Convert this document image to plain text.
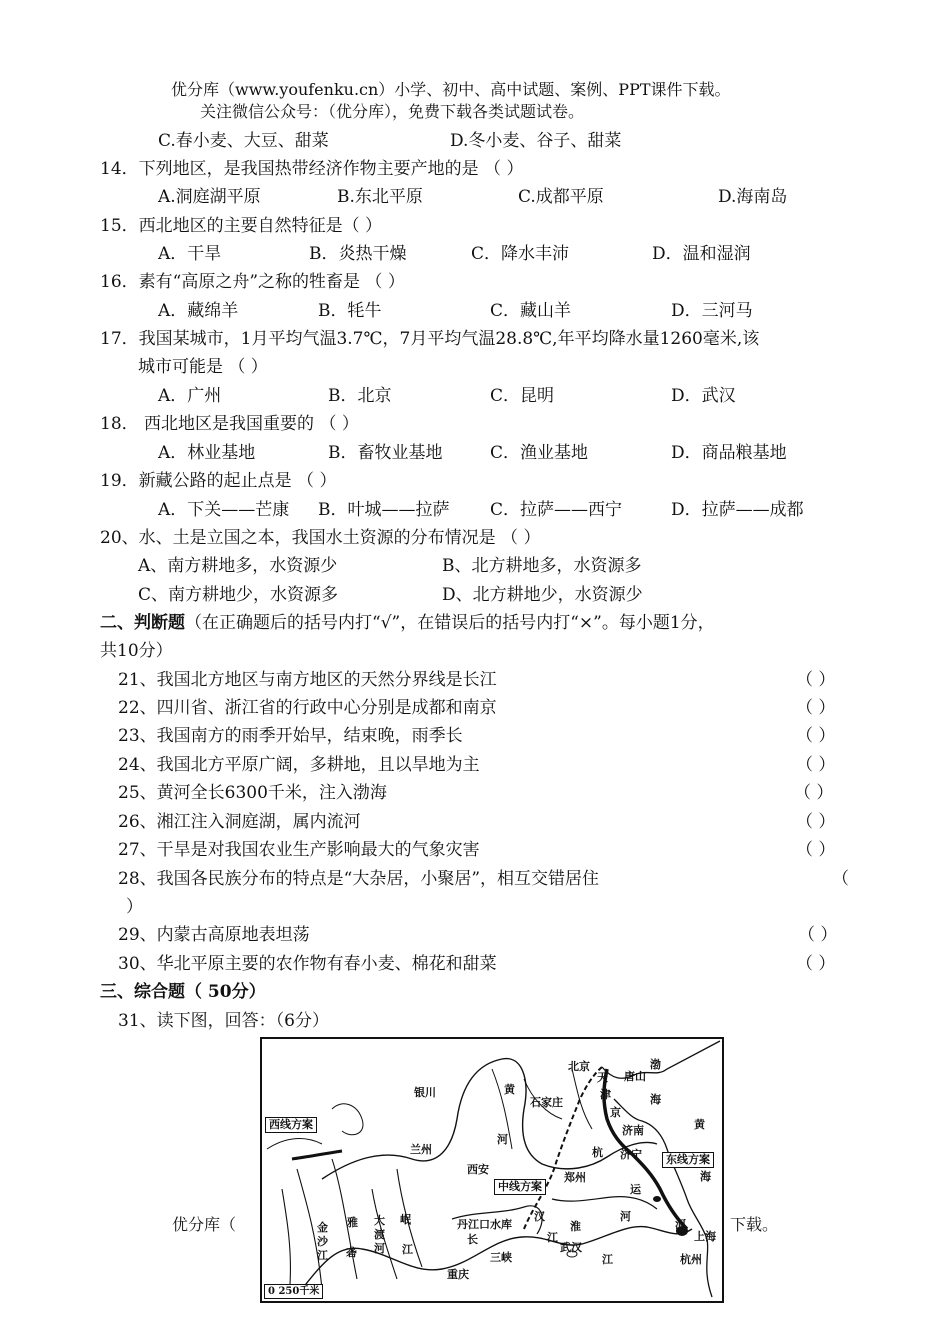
优分库（www.youfenku.cn）小学、初中、高中试题、案例、PPT课件下载。
关注微信公众号：（优分库），免费下载各类试题试卷。
C.春小麦、大豆、甜菜	D.冬小麦、谷子、甜菜
14．下列地区，是我国热带经济作物主要产地的是 （ ）
A.洞庭湖平原	B.东北平原	C.成都平原	D.海南岛
15．西北地区的主要自然特征是（ ）
A．干旱	B．炎热干燥	C．降水丰沛	D．温和湿润
16．素有“高原之舟”之称的牲畜是 （ ）
A．藏绵羊	B．牦牛	C．藏山羊	D．三河马
17．我国某城市，1月平均气温3.7℃，7月平均气温28.8℃,年平均降水量1260毫米,该
城市可能是 （ ）
A．广州	B．北京	C．昆明	D．武汉
18． 西北地区是我国重要的 （ ）
A．林业基地	B．畜牧业基地	C．渔业基地	D．商品粮基地
19．新藏公路的起止点是 （ ）
A．下关——芒康 B．叶城——拉萨 C．拉萨——西宁	D．拉萨——成都
20、水、土是立国之本，我国水土资源的分布情况是 （ ）
A、南方耕地多，水资源少	B、北方耕地多，水资源多
C、南方耕地少，水资源多	D、北方耕地少，水资源少
二、判断题（在正确题后的括号内打“√”，在错误后的括号内打“×”。每小题1分，
共10分）
21、我国北方地区与南方地区的天然分界线是长江	（ ）
22、四川省、浙江省的行政中心分别是成都和南京	（ ）
23、我国南方的雨季开始早，结束晚，雨季长	（ ）
24、我国北方平原广阔，多耕地，且以旱地为主	（ ）
25、黄河全长6300千米，注入渤海	（ ）
26、湘江注入洞庭湖，属内流河	（ ）
27、干旱是对我国农业生产影响最大的气象灾害	（ ）
28、我国各民族分布的特点是“大杂居，小聚居”，相互交错居住	（
）
29、内蒙古高原地表坦荡	（ ）
30、华北平原主要的农作物有春小麦、棉花和甜菜	（ ）
三、综合题（ 50分）
31、读下图，回答：（6分）
优分库（	下载。
银川	黄
北京
天 唐山
渤
石家庄
津
京
济南
海
黄
河
兰州	杭 济宁
西安
郑州
运
海
汉
淮
河
雅	丹江口水库
岷
武汉
长	江
三峡	江
重庆
上海
杭州
金沙江 砻
大渡河 江
河
西线方案
中线方案
东线方案
0 250千米
